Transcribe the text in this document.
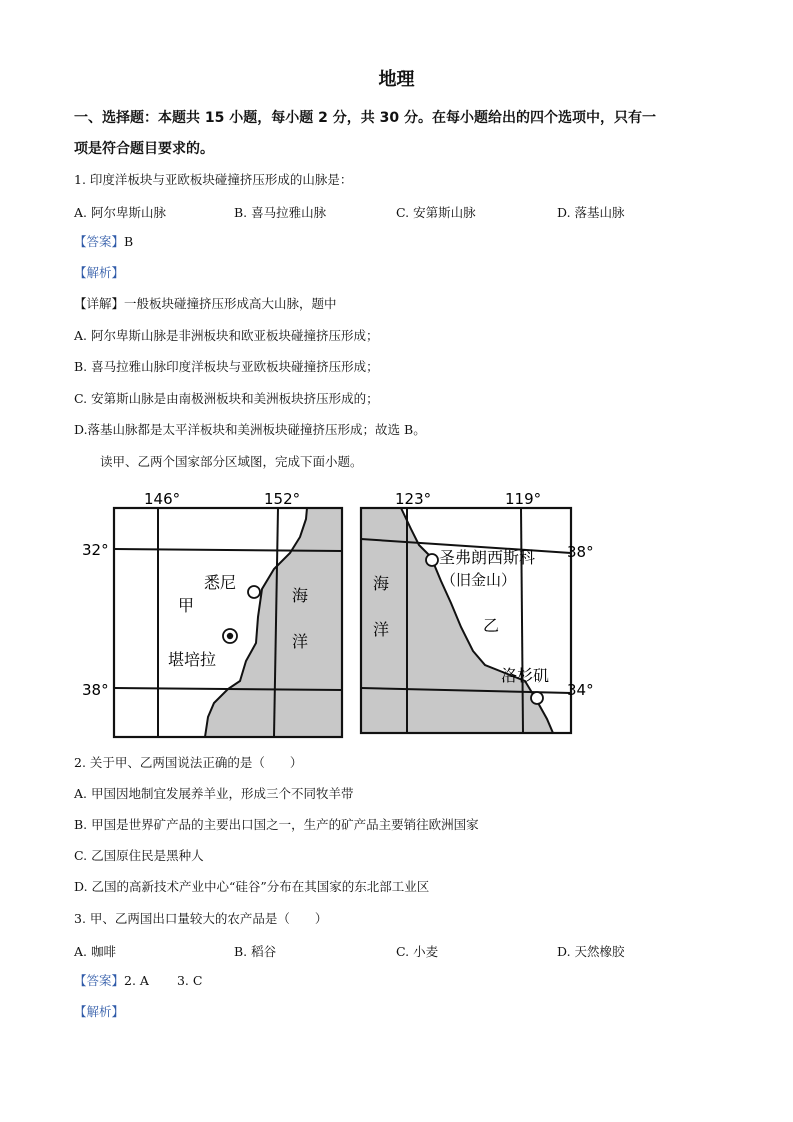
地理
一、选择题：本题共 15 小题，每小题 2 分，共 30 分。在每小题给出的四个选项中，只有一
项是符合题目要求的。
1. 印度洋板块与亚欧板块碰撞挤压形成的山脉是：
A. 阿尔卑斯山脉	B. 喜马拉雅山脉	C. 安第斯山脉	D. 落基山脉
【答案】B
【解析】
【详解】一般板块碰撞挤压形成高大山脉，题中
A. 阿尔卑斯山脉是非洲板块和欧亚板块碰撞挤压形成；
B. 喜马拉雅山脉印度洋板块与亚欧板块碰撞挤压形成；
C. 安第斯山脉是由南极洲板块和美洲板块挤压形成的；
D.落基山脉都是太平洋板块和美洲板块碰撞挤压形成；故选 B。
读甲、乙两个国家部分区域图，完成下面小题。
146°	152°
32°
38°
悉尼
堪培拉
甲
海
洋
123°	119°
38°
34°
圣弗朗西斯科
（旧金山）
洛杉矶
乙
海
洋
2. 关于甲、乙两国说法正确的是（　　）
A. 甲国因地制宜发展养羊业，形成三个不同牧羊带
B. 甲国是世界矿产品的主要出口国之一，生产的矿产品主要销往欧洲国家
C. 乙国原住民是黑种人
D. 乙国的高新技术产业中心“硅谷”分布在其国家的东北部工业区
3. 甲、乙两国出口量较大的农产品是（　　）
A. 咖啡	B. 稻谷	C. 小麦	D. 天然橡胶
【答案】2. A 3. C
【解析】
